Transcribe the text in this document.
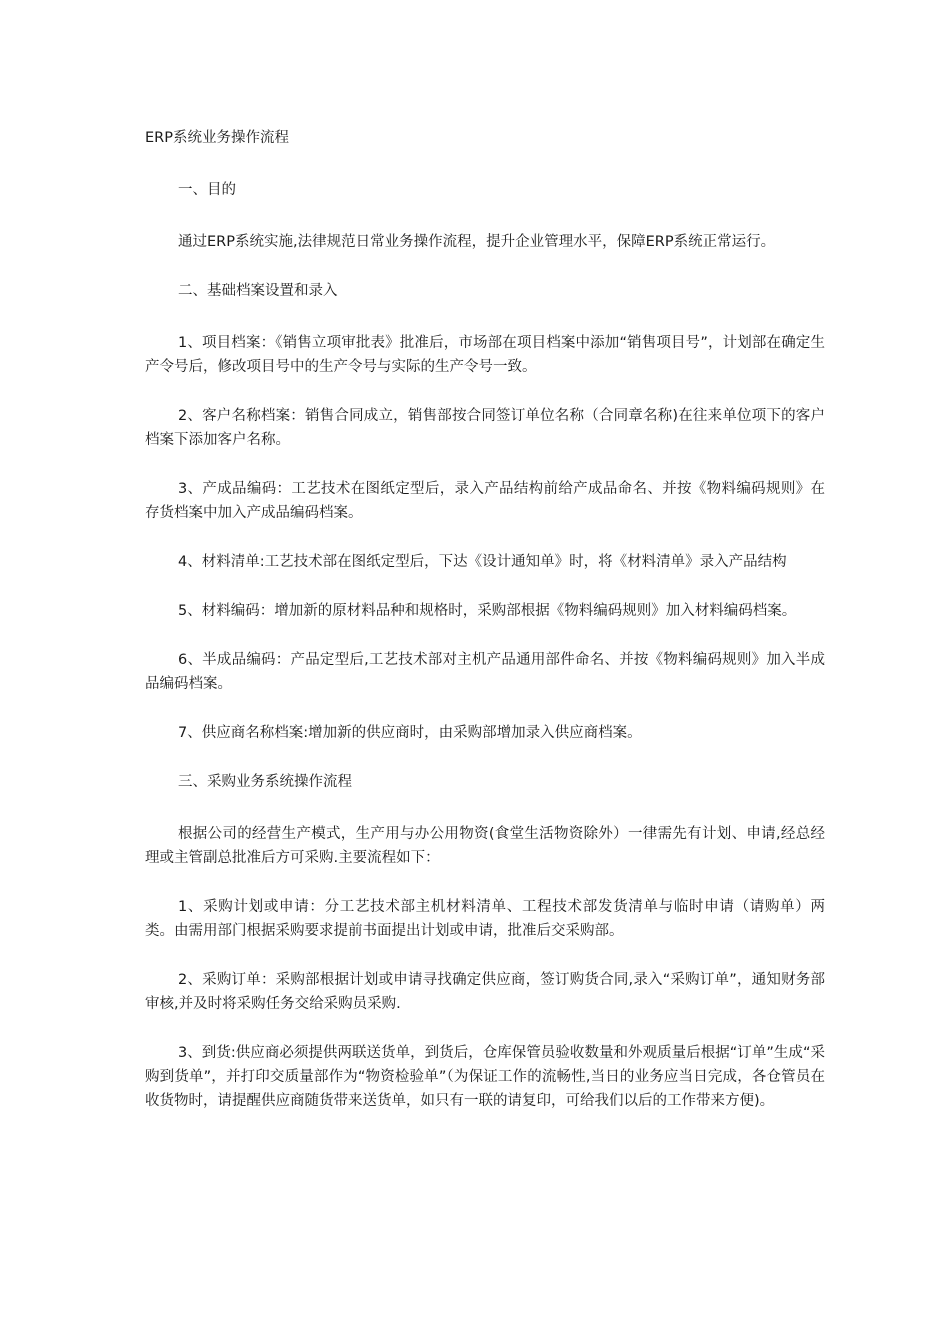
ERP系统业务操作流程

一、目的

通过ERP系统实施,法律规范日常业务操作流程，提升企业管理水平，保障ERP系统正常运行。

二、基础档案设置和录入

1、项目档案：《销售立项审批表》批准后，市场部在项目档案中添加“销售项目号”，计划部在确定生产令号后，修改项目号中的生产令号与实际的生产令号一致。

2、客户名称档案：销售合同成立，销售部按合同签订单位名称（合同章名称)在往来单位项下的客户档案下添加客户名称。

3、产成品编码：工艺技术在图纸定型后，录入产品结构前给产成品命名、并按《物料编码规则》在存货档案中加入产成品编码档案。

4、材料清单:工艺技术部在图纸定型后，下达《设计通知单》时，将《材料清单》录入产品结构

5、材料编码：增加新的原材料品种和规格时，采购部根据《物料编码规则》加入材料编码档案。

6、半成品编码：产品定型后,工艺技术部对主机产品通用部件命名、并按《物料编码规则》加入半成品编码档案。

7、供应商名称档案:增加新的供应商时，由采购部增加录入供应商档案。

三、采购业务系统操作流程

根据公司的经营生产模式，生产用与办公用物资(食堂生活物资除外）一律需先有计划、申请,经总经理或主管副总批准后方可采购.主要流程如下：

1、采购计划或申请：分工艺技术部主机材料清单、工程技术部发货清单与临时申请（请购单）两类。由需用部门根据采购要求提前书面提出计划或申请，批准后交采购部。

2、采购订单：采购部根据计划或申请寻找确定供应商，签订购货合同,录入“采购订单”，通知财务部审核,并及时将采购任务交给采购员采购.

3、到货:供应商必须提供两联送货单，到货后，仓库保管员验收数量和外观质量后根据“订单”生成“采购到货单”，并打印交质量部作为“物资检验单”（为保证工作的流畅性,当日的业务应当日完成，各仓管员在收货物时，请提醒供应商随货带来送货单，如只有一联的请复印，可给我们以后的工作带来方便)。
